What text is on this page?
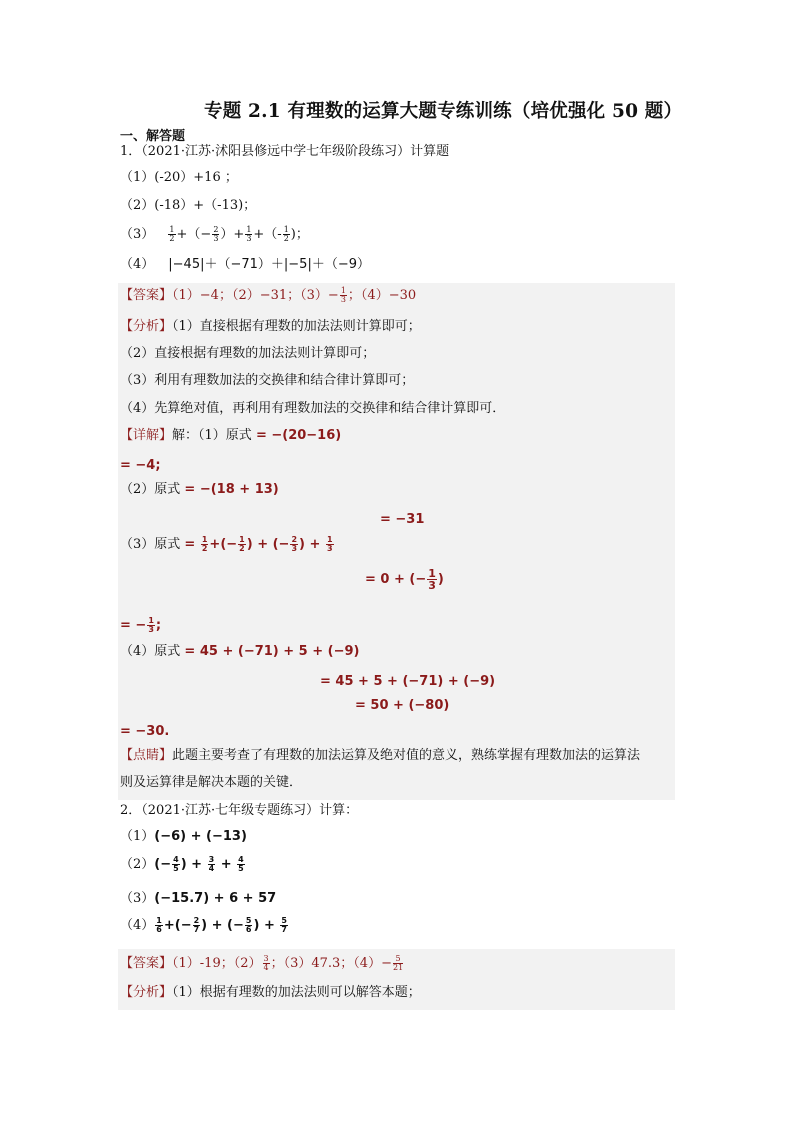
专题 2.1 有理数的运算大题专练训练（培优强化 50 题）
一、解答题
1．（2021·江苏·沭阳县修远中学七年级阶段练习）计算题
（1）(-20）+16 ；
（2）(-18）+（-13)；
$(3) \frac{1}{2}$ +（− $\frac{2}{3}$ ）+ $\frac{1}{3}$ +（- $\frac{1}{2}$ )；
（4） |−45|＋（−71）＋|−5|＋（−9）
【答案】（1）−4；（2）−31；$(3)- \frac{1}{3}$ ；（4）−30
【分析】（1）直接根据有理数的加法法则计算即可；
（2）直接根据有理数的加法法则计算即可；
（3）利用有理数加法的交换律和结合律计算即可；
（4）先算绝对值，再利用有理数加法的交换律和结合律计算即可．
【详解】解：（1）原式 = −(20−16)
= −4;
（2）原式 = −(18 + 13)
= −31
（3）原式 = $\frac{1}{2}$ +(− $\frac{1}{2}$ ) + (− $\frac{2}{3}$ ) + $\frac{1}{3}$
= 0 + (− $\frac{1}{3}$ )
= − $\frac{1}{3}$ ;
（4）原式 = 45 + (−71) + 5 + (−9)
= 45 + 5 + (−71) + (−9)
= 50 + (−80)
= −30.
【点睛】此题主要考查了有理数的加法运算及绝对值的意义，熟练掌握有理数加法的运算法
则及运算律是解决本题的关键．
2．（2021·江苏·七年级专题练习）计算：
（1）(−6) + (−13)
$(2)(- \frac{4}{5}$ ) + $\frac{3}{4} + \frac{4}{5}$
（3）(−15.7) + 6 + 57
$(4) \frac{1}{6}$ +(− $\frac{2}{7}$ ) + (− $\frac{5}{6}$ ) + $\frac{5}{7}$
【答案】（1）-19；$(2) \frac{3}{4}$ ；（3）47.3；$(4)- \frac{5}{21}$
【分析】（1）根据有理数的加法法则可以解答本题；
